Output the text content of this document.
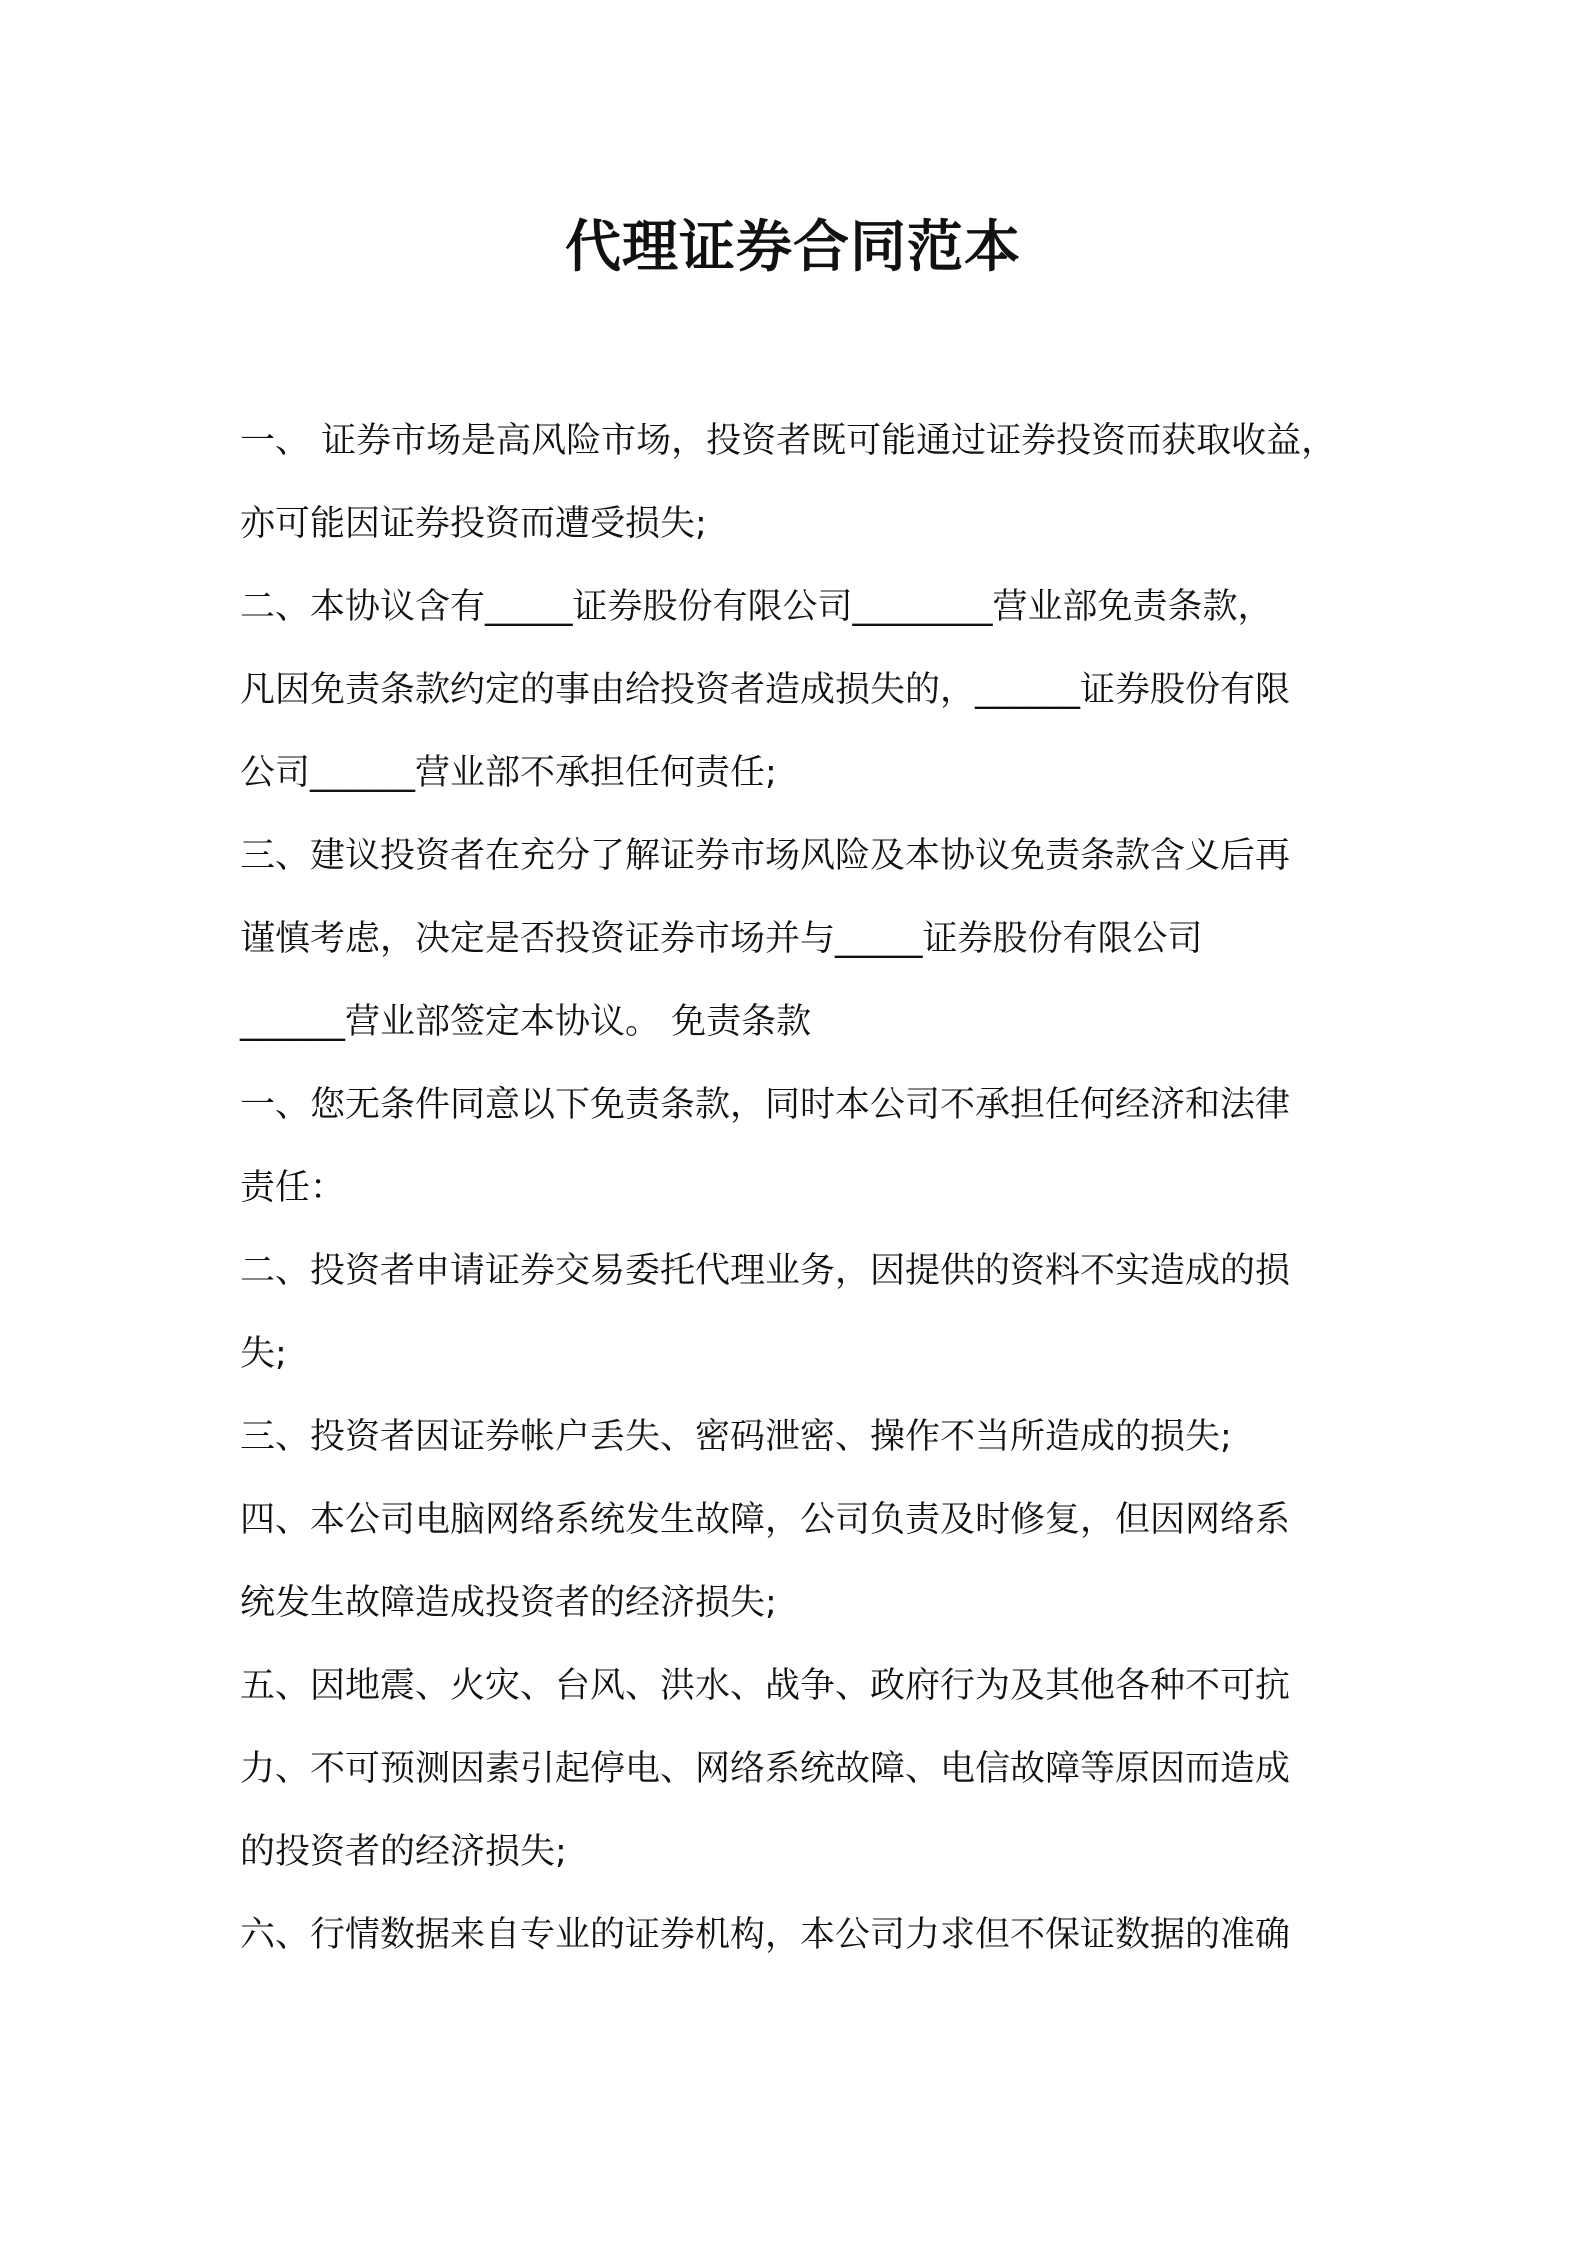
代理证券合同范本

一、 证券市场是高风险市场，投资者既可能通过证券投资而获取收益，

亦可能因证券投资而遭受损失;

二、本协议含有_____证券股份有限公司________营业部免责条款，

凡因免责条款约定的事由给投资者造成损失的，______证券股份有限

公司______营业部不承担任何责任;

三、建议投资者在充分了解证券市场风险及本协议免责条款含义后再

谨慎考虑，决定是否投资证券市场并与_____证券股份有限公司

______营业部签定本协议。 免责条款

一、您无条件同意以下免责条款，同时本公司不承担任何经济和法律

责任：

二、投资者申请证券交易委托代理业务，因提供的资料不实造成的损

失;

三、投资者因证券帐户丢失、密码泄密、操作不当所造成的损失;

四、本公司电脑网络系统发生故障，公司负责及时修复，但因网络系

统发生故障造成投资者的经济损失;

五、因地震、火灾、台风、洪水、战争、政府行为及其他各种不可抗

力、不可预测因素引起停电、网络系统故障、电信故障等原因而造成

的投资者的经济损失;

六、行情数据来自专业的证券机构，本公司力求但不保证数据的准确
